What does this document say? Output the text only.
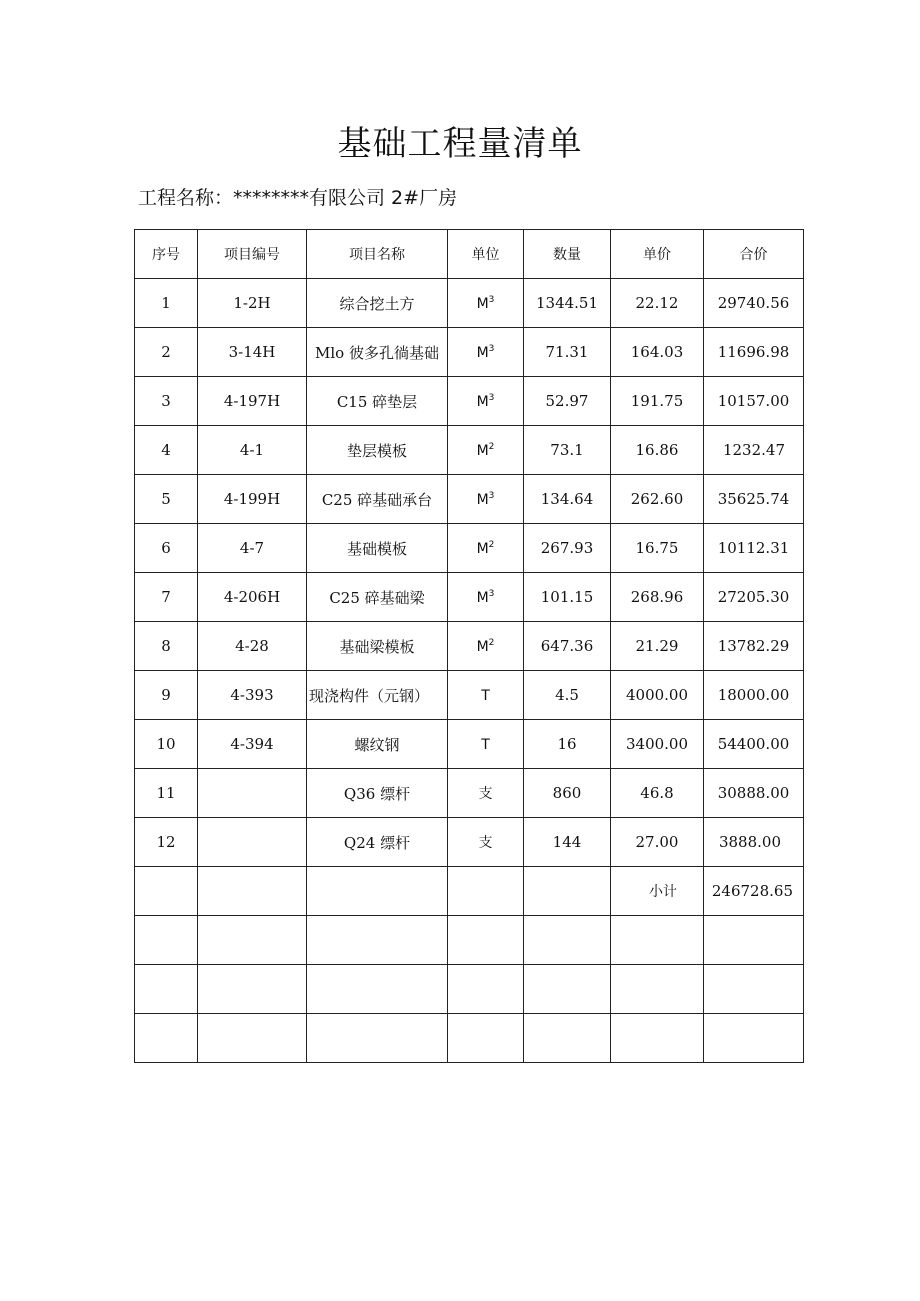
基础工程量清单
工程名称：********有限公司 2#厂房
序号	项目编号	项目名称	单位	数量	单价	合价
1	1-2H	综合挖土方	$M^3$	1344.51	22.12	29740.56
2	3-14H	Mlo 彼多孔徜基础	$M^3$	71.31	164.03	11696.98
3	4-197H	C15 碎垫层	$M^3$	52.97	191.75	10157.00
4	4-1	垫层模板	$M^2$	73.1	16.86	1232.47
5	4-199H	C25 碎基础承台	$M^3$	134.64	262.60	35625.74
6	4-7	基础模板	$M^2$	267.93	16.75	10112.31
7	4-206H	C25 碎基础梁	$M^3$	101.15	268.96	27205.30
8	4-28	基础梁模板	$M^2$	647.36	21.29	13782.29
9	4-393	现浇构件（元钢）	T	4.5	4000.00	18000.00
10	4-394	螺纹钢	T	16	3400.00	54400.00
11		Q36 缥杆	支	860	46.8	30888.00
12		Q24 缥杆	支	144	27.00	3888.00
					小计	246728.65
